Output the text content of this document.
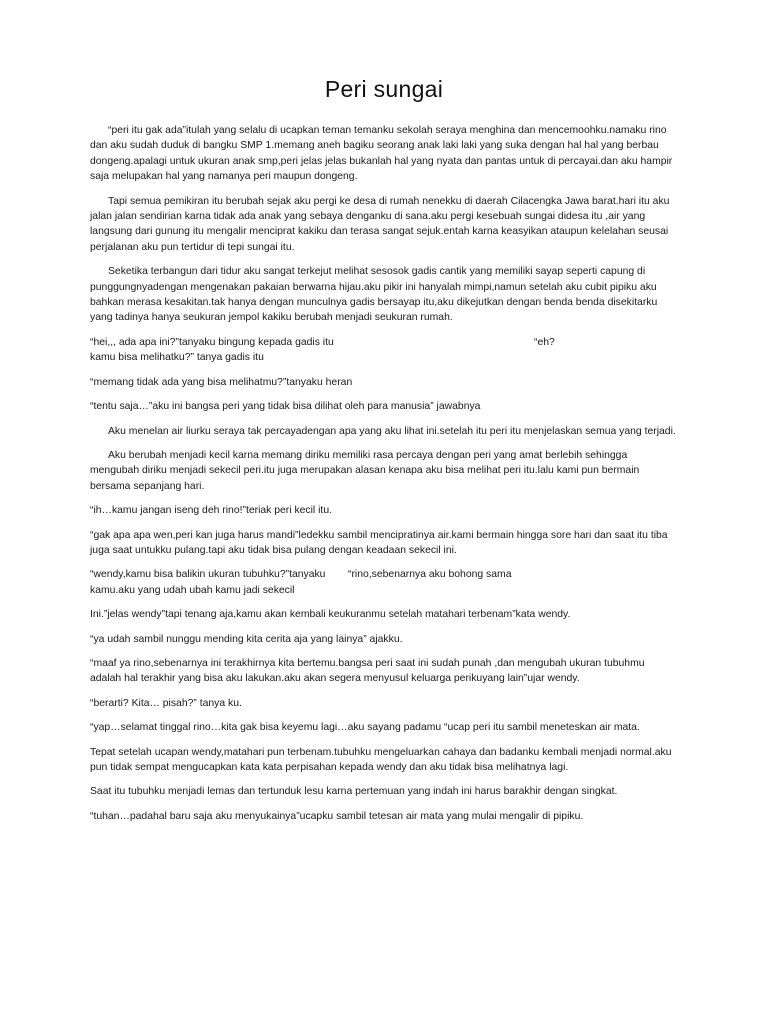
Peri sungai

“peri itu gak ada”itulah yang selalu di ucapkan teman temanku sekolah seraya menghina dan mencemoohku.namaku rino dan aku sudah duduk di bangku SMP 1.memang aneh bagiku seorang anak laki laki yang suka dengan hal hal yang berbau dongeng.apalagi untuk ukuran anak smp,peri jelas jelas bukanlah hal yang nyata dan pantas untuk di percayai.dan aku hampir saja melupakan hal yang namanya peri maupun dongeng.

Tapi semua pemikiran itu berubah sejak aku pergi ke desa di rumah nenekku di daerah Cilacengka Jawa barat.hari itu aku jalan jalan sendirian karna tidak ada anak yang sebaya denganku di sana.aku pergi kesebuah sungai didesa itu ,air yang langsung dari gunung itu mengalir menciprat kakiku dan terasa sangat sejuk.entah karna keasyikan ataupun kelelahan seusai perjalanan aku pun tertidur di tepi sungai itu.

Seketika terbangun dari tidur aku sangat terkejut melihat sesosok gadis cantik yang memiliki sayap seperti capung di punggungnyadengan mengenakan pakaian berwarna hijau.aku pikir ini hanyalah mimpi,namun setelah aku cubit pipiku aku bahkan merasa kesakitan.tak hanya dengan munculnya gadis bersayap itu,aku dikejutkan dengan benda benda disekitarku yang tadinya hanya seukuran jempol kakiku berubah menjadi seukuran rumah.

“hei,,, ada apa ini?”tanyaku bingung kepada gadis itu	“eh?
kamu bisa melihatku?” tanya gadis itu

“memang tidak ada yang bisa melihatmu?”tanyaku heran

“tentu saja…”aku ini bangsa peri yang tidak bisa dilihat oleh para manusia” jawabnya

Aku menelan air liurku seraya tak percayadengan apa yang aku lihat ini.setelah itu peri itu menjelaskan semua yang terjadi.

Aku berubah menjadi kecil karna memang diriku memiliki rasa percaya dengan peri yang amat berlebih sehingga mengubah diriku menjadi sekecil peri.itu juga merupakan alasan kenapa aku bisa melihat peri itu.lalu kami pun bermain bersama sepanjang hari.

“ih…kamu jangan iseng deh rino!”teriak peri kecil itu.

“gak apa apa wen,peri kan juga harus mandi”ledekku sambil mencipratinya air.kami bermain hingga sore hari dan saat itu tiba juga saat untukku pulang.tapi aku tidak bisa pulang dengan keadaan sekecil ini.

“wendy,kamu bisa balikin ukuran tubuhku?”tanyaku	“rino,sebenarnya aku bohong sama
kamu.aku yang udah ubah kamu jadi sekecil

Ini.”jelas wendy”tapi tenang aja,kamu akan kembali keukuranmu setelah matahari terbenam”kata wendy.

“ya udah sambil nunggu mending kita cerita aja yang lainya” ajakku.

“maaf ya rino,sebenarnya ini terakhirnya kita bertemu.bangsa peri saat ini sudah punah ,dan mengubah ukuran tubuhmu adalah hal terakhir yang bisa aku lakukan.aku akan segera menyusul keluarga perikuyang lain”ujar wendy.

“berarti? Kita… pisah?” tanya ku.

“yap…selamat tinggal rino…kita gak bisa keyemu lagi…aku sayang padamu “ucap peri itu sambil meneteskan air mata.

Tepat setelah ucapan wendy,matahari pun terbenam.tubuhku mengeluarkan cahaya dan badanku kembali menjadi normal.aku pun tidak sempat mengucapkan kata kata perpisahan kepada wendy dan aku tidak bisa melihatnya lagi.

Saat itu tubuhku menjadi lemas dan tertunduk lesu karna pertemuan yang indah ini harus barakhir dengan singkat.

“tuhan…padahal baru saja aku menyukainya”ucapku sambil tetesan air mata yang mulai mengalir di pipiku.
